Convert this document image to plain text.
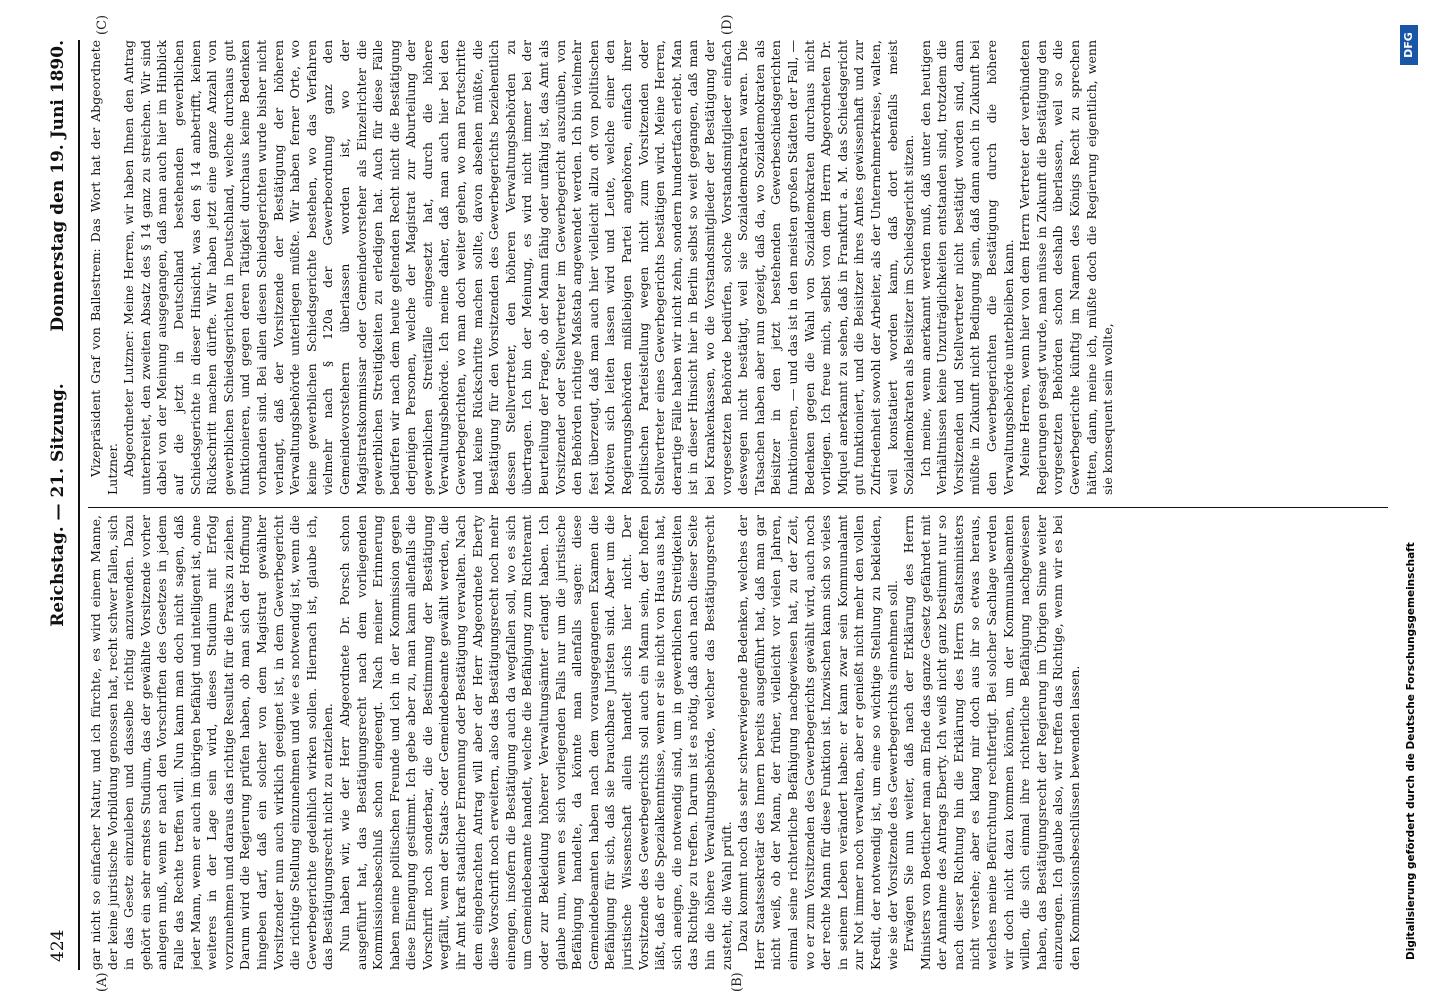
424
Reichstag. — 21. Sitzung.
Donnerstag den 19. Juni 1890.
(A)	(B)
(C)	(D)

gar nicht so einfacher Natur, und ich fürchte, es wird einem Manne, der keine juristische Vorbildung genossen hat, recht schwer fallen, sich in das Gesetz einzuleben und dasselbe richtig anzuwenden. Dazu gehört ein sehr ernstes Studium, das der gewählte Vorsitzende vorher anlegen muß, wenn er nach den Vorschriften des Gesetzes in jedem Falle das Rechte treffen will. Nun kann man doch nicht sagen, daß jeder Mann, wenn er auch im übrigen befähigt und intelligent ist, ohne weiteres in der Lage sein wird, dieses Studium mit Erfolg vorzunehmen und daraus das richtige Resultat für die Praxis zu ziehen. Darum wird die Regierung prüfen haben, ob man sich der Hoffnung hingeben darf, daß ein solcher von dem Magistrat gewählter Vorsitzender nun auch wirklich geeignet ist, in dem Gewerbegericht die richtige Stellung einzunehmen und wie es notwendig ist, wenn die Gewerbegerichte gedeihlich wirken sollen. Hiernach ist, glaube ich, das Bestätigungsrecht nicht zu entziehen. Nun haben wir, wie der Herr Abgeordnete Dr. Porsch schon ausgeführt hat, das Bestätigungsrecht nach dem vorliegenden Kommissionsbeschluß schon eingeengt. Nach meiner Erinnerung haben meine politischen Freunde und ich in der Kommission gegen diese Einengung gestimmt. Ich gebe aber zu, man kann allenfalls die Vorschrift noch sonderbar, die die Bestimmung der Bestätigung wegfällt, wenn der Staats- oder Gemeindebeamte gewählt werden, die ihr Amt kraft staatlicher Ernennung oder Bestätigung verwalten. Nach dem eingebrachten Antrag will aber der Herr Abgeordnete Eberty diese Vorschrift noch erweitern, also das Bestätigungsrecht noch mehr einengen, insofern die Bestätigung auch da wegfallen soll, wo es sich um Gemeindebeamte handelt, welche die Befähigung zum Richteramt oder zur Bekleidung höherer Verwaltungsämter erlangt haben. Ich glaube nun, wenn es sich vorliegenden Falls nur um die juristische Befähigung handelte, da könnte man allenfalls sagen: diese Gemeindebeamten haben nach dem vorausgegangenen Examen die Befähigung für sich, daß sie brauchbare Juristen sind. Aber um die juristische Wissenschaft allein handelt sichs hier nicht. Der Vorsitzende des Gewerbegerichts soll auch ein Mann sein, der hoffen läßt, daß er die Spezialkenntnisse, wenn er sie nicht von Haus aus hat, sich aneigne, die notwendig sind, um in gewerblichen Streitigkeiten das Richtige zu treffen. Darum ist es nötig, daß auch nach dieser Seite hin die höhere Verwaltungsbehörde, welcher das Bestätigungsrecht zusteht, die Wahl prüft. Dazu kommt noch das sehr schwerwiegende Bedenken, welches der Herr Staatssekretär des Innern bereits ausgeführt hat, daß man gar nicht weiß, ob der Mann, der früher, vielleicht vor vielen Jahren, einmal seine richterliche Befähigung nachgewiesen hat, zu der Zeit, wo er zum Vorsitzenden des Gewerbegerichts gewählt wird, auch noch der rechte Mann für diese Funktion ist. Inzwischen kann sich so vieles in seinem Leben verändert haben: er kann zwar sein Kommunalamt zur Not immer noch verwalten, aber er genießt nicht mehr den vollen Kredit, der notwendig ist, um eine so wichtige Stellung zu bekleiden, wie sie der Vorsitzende des Gewerbegerichts einnehmen soll. Erwägen Sie nun weiter, daß nach der Erklärung des Herrn Ministers von Boetticher man am Ende das ganze Gesetz gefährdet mit der Annahme des Antrags Eberty. Ich weiß nicht ganz bestimmt nur so nach dieser Richtung hin die Erklärung des Herrn Staatsministers nicht verstehe; aber es klang mir doch aus ihr so etwas heraus, welches meine Befürchtung rechtfertigt. Bei solcher Sachlage werden wir doch nicht dazu kommen können, um der Kommunalbeamten willen, die sich einmal ihre richterliche Befähigung nachgewiesen haben, das Bestätigungsrecht der Regierung im Übrigen Sinne weiter einzuengen. Ich glaube also, wir treffen das Richtige, wenn wir es bei den Kommissionsbeschlüssen bewenden lassen.

Vizepräsident Graf von Ballestrem: Das Wort hat der Abgeordnete Lutzner. Abgeordneter Lutzner: Meine Herren, wir haben Ihnen den Antrag unterbreitet, den zweiten Absatz des § 14 ganz zu streichen. Wir sind dabei von der Meinung ausgegangen, daß man auch hier im Hinblick auf die jetzt in Deutschland bestehenden gewerblichen Schiedsgerichte in dieser Hinsicht, was den § 14 anbetrifft, keinen Rückschritt machen dürfte. Wir haben jetzt eine ganze Anzahl von gewerblichen Schiedsgerichten in Deutschland, welche durchaus gut funktionieren, und gegen deren Tätigkeit durchaus keine Bedenken vorhanden sind. Bei allen diesen Schiedsgerichten wurde bisher nicht verlangt, daß der Vorsitzende der Bestätigung der höheren Verwaltungsbehörde unterliegen müßte. Wir haben ferner Orte, wo keine gewerblichen Schiedsgerichte bestehen, wo das Verfahren vielmehr nach § 120a der Gewerbeordnung ganz den Gemeindevorstehern überlassen worden ist, wo der Magistratskommissar oder Gemeindevorsteher als Einzelrichter die gewerblichen Streitigkeiten zu erledigen hat. Auch für diese Fälle bedürfen wir nach dem heute geltenden Recht nicht die Bestätigung derjenigen Personen, welche der Magistrat zur Aburteilung der gewerblichen Streitfälle eingesetzt hat, durch die höhere Verwaltungsbehörde. Ich meine daher, daß man auch hier bei den Gewerbegerichten, wo man doch weiter gehen, wo man Fortschritte und keine Rückschritte machen sollte, davon absehen müßte, die Bestätigung für den Vorsitzenden des Gewerbegerichts beziehentlich dessen Stellvertreter, den höheren Verwaltungsbehörden zu übertragen. Ich bin der Meinung, es wird nicht immer bei der Beurteilung der Frage, ob der Mann fähig oder unfähig ist, das Amt als Vorsitzender oder Stellvertreter im Gewerbegericht auszuüben, von den Behörden richtige Maßstab angewendet werden. Ich bin vielmehr fest überzeugt, daß man auch hier vielleicht allzu oft von politischen Motiven sich leiten lassen wird und Leute, welche einer den Regierungsbehörden mißliebigen Partei angehören, einfach ihrer politischen Parteistellung wegen nicht zum Vorsitzenden oder Stellvertreter eines Gewerbegerichts bestätigen wird. Meine Herren, derartige Fälle haben wir nicht zehn, sondern hundertfach erlebt. Man ist in dieser Hinsicht hier in Berlin selbst so weit gegangen, daß man bei Krankenkassen, wo die Vorstandsmitglieder der Bestätigung der vorgesetzten Behörde bedürfen, solche Vorstandsmitglieder einfach deswegen nicht bestätigt, weil sie Sozialdemokraten waren. Die Tatsachen haben aber nun gezeigt, daß da, wo Sozialdemokraten als Beisitzer in den jetzt bestehenden Gewerbeschiedsgerichten funktionieren, — und das ist in den meisten großen Städten der Fall, — Bedenken gegen die Wahl von Sozialdemokraten durchaus nicht vorliegen. Ich freue mich, selbst von dem Herrn Abgeordneten Dr. Miquel anerkannt zu sehen, daß in Frankfurt a. M. das Schiedsgericht gut funktioniert, und die Beisitzer ihres Amtes gewissenhaft und zur Zufriedenheit sowohl der Arbeiter, als der Unternehmerkreise, walten, weil konstatiert worden kann, daß dort ebenfalls meist Sozialdemokraten als Beisitzer im Schiedsgericht sitzen. Ich meine, wenn anerkannt werden muß, daß unter den heutigen Verhältnissen keine Unzuträglichkeiten entstanden sind, trotzdem die Vorsitzenden und Stellvertreter nicht bestätigt worden sind, dann müßte in Zukunft nicht Bedingung sein, daß dann auch in Zukunft bei den Gewerbegerichten die Bestätigung durch die höhere Verwaltungsbehörde unterbleiben kann. Meine Herren, wenn hier von dem Herrn Vertreter der verbündeten Regierungen gesagt wurde, man müsse in Zukunft die Bestätigung den vorgesetzten Behörden schon deshalb überlassen, weil so die Gewerbegerichte künftig im Namen des Königs Recht zu sprechen hätten, dann, meine ich, müßte doch die Regierung eigentlich, wenn sie konsequent sein wollte,

Digitalisierung gefördert durch die Deutsche Forschungsgemeinschaft
DFG
